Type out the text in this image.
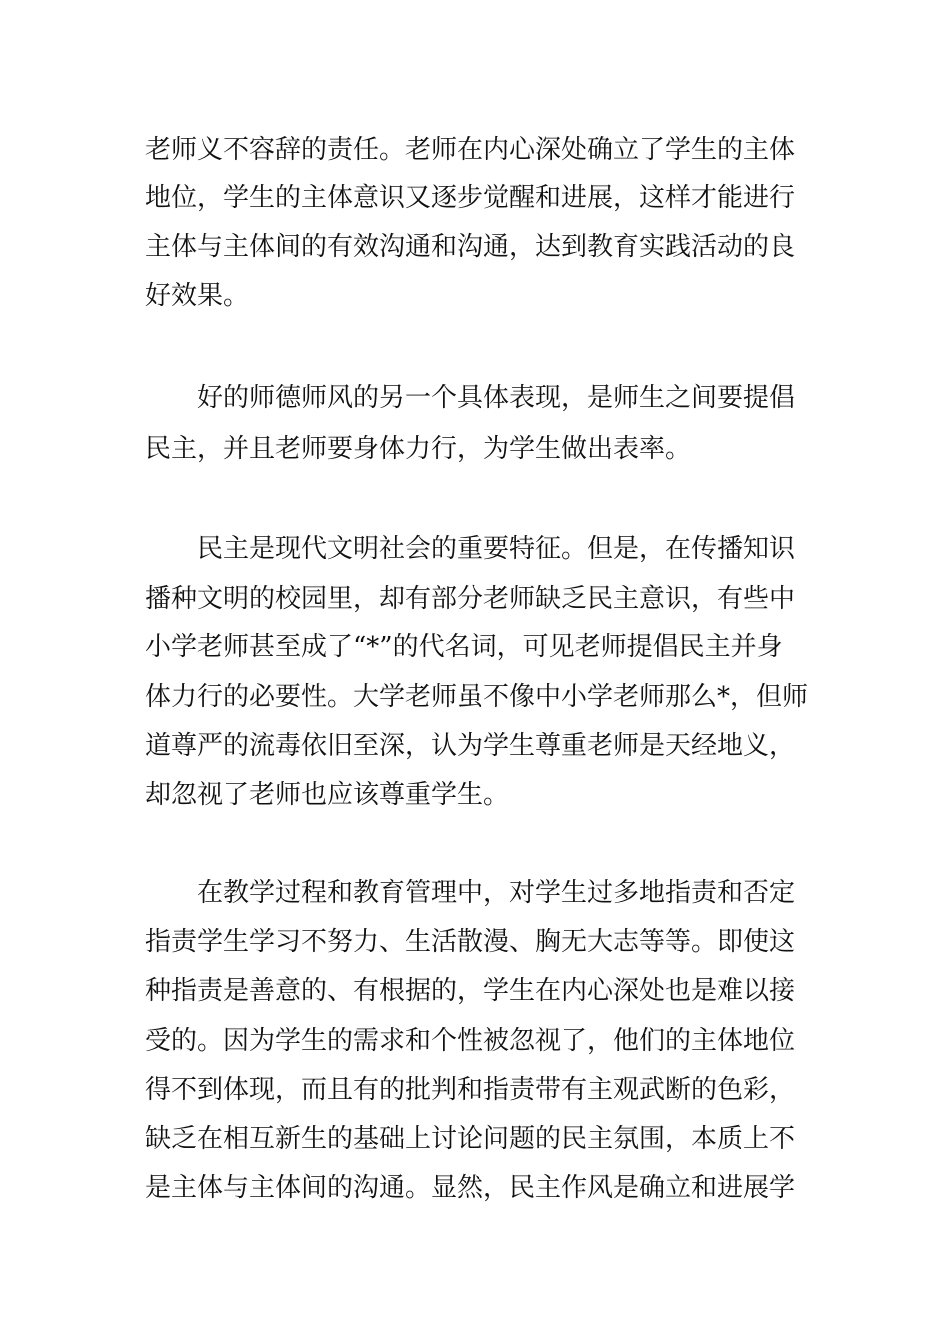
老师义不容辞的责任。老师在内心深处确立了学生的主体
地位，学生的主体意识又逐步觉醒和进展，这样才能进行
主体与主体间的有效沟通和沟通，达到教育实践活动的良
好效果。
好的师德师风的另一个具体表现，是师生之间要提倡
民主，并且老师要身体力行，为学生做出表率。
民主是现代文明社会的重要特征。但是，在传播知识
播种文明的校园里，却有部分老师缺乏民主意识，有些中
小学老师甚至成了“*”的代名词，可见老师提倡民主并身
体力行的必要性。大学老师虽不像中小学老师那么*，但师
道尊严的流毒依旧至深，认为学生尊重老师是天经地义，
却忽视了老师也应该尊重学生。
在教学过程和教育管理中，对学生过多地指责和否定
指责学生学习不努力、生活散漫、胸无大志等等。即使这
种指责是善意的、有根据的，学生在内心深处也是难以接
受的。因为学生的需求和个性被忽视了，他们的主体地位
得不到体现，而且有的批判和指责带有主观武断的色彩，
缺乏在相互新生的基础上讨论问题的民主氛围，本质上不
是主体与主体间的沟通。显然，民主作风是确立和进展学
